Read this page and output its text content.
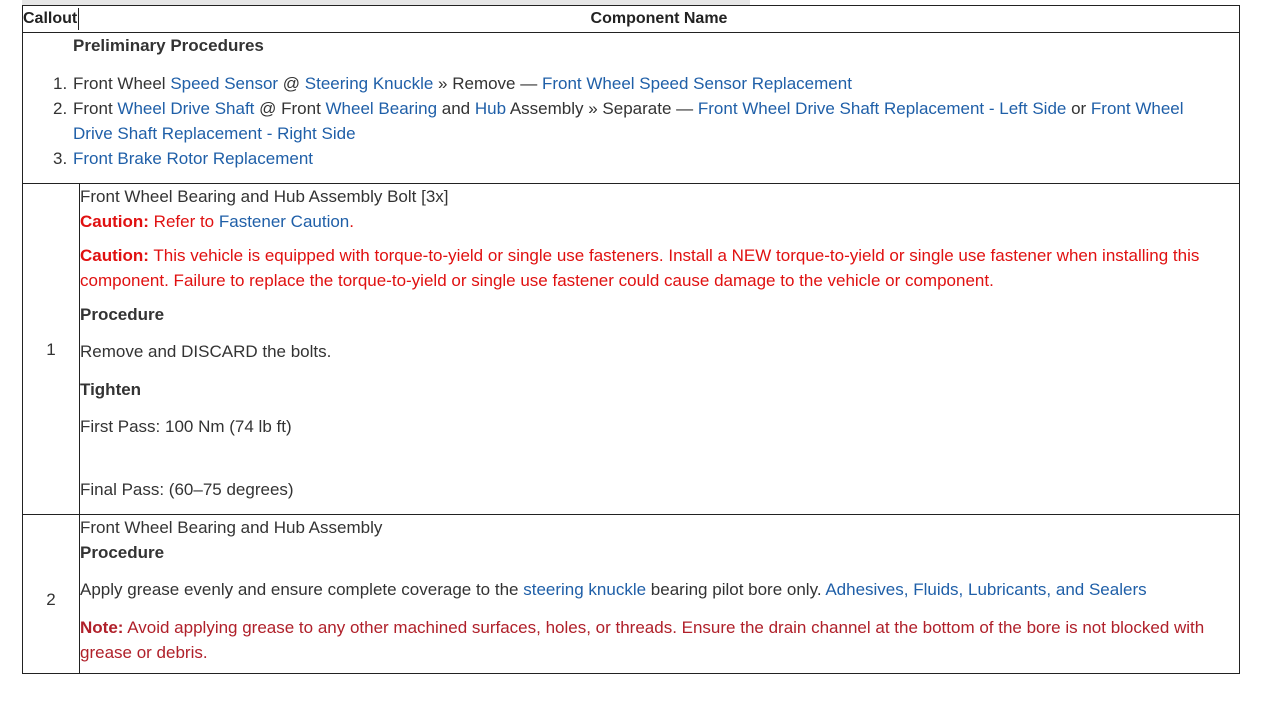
Callout	Component Name
Preliminary Procedures
1. Front Wheel Speed Sensor @ Steering Knuckle » Remove — Front Wheel Speed Sensor Replacement
2. Front Wheel Drive Shaft @ Front Wheel Bearing and Hub Assembly » Separate — Front Wheel Drive Shaft Replacement - Left Side or Front Wheel Drive Shaft Replacement - Right Side
3. Front Brake Rotor Replacement
1
Front Wheel Bearing and Hub Assembly Bolt [3x]
Caution: Refer to Fastener Caution.
Caution: This vehicle is equipped with torque-to-yield or single use fasteners. Install a NEW torque-to-yield or single use fastener when installing this component. Failure to replace the torque-to-yield or single use fastener could cause damage to the vehicle or component.
Procedure
Remove and DISCARD the bolts.
Tighten
First Pass: 100 Nm (74 lb ft)
Final Pass: (60–75 degrees)
2
Front Wheel Bearing and Hub Assembly
Procedure
Apply grease evenly and ensure complete coverage to the steering knuckle bearing pilot bore only. Adhesives, Fluids, Lubricants, and Sealers
Note: Avoid applying grease to any other machined surfaces, holes, or threads. Ensure the drain channel at the bottom of the bore is not blocked with grease or debris.
